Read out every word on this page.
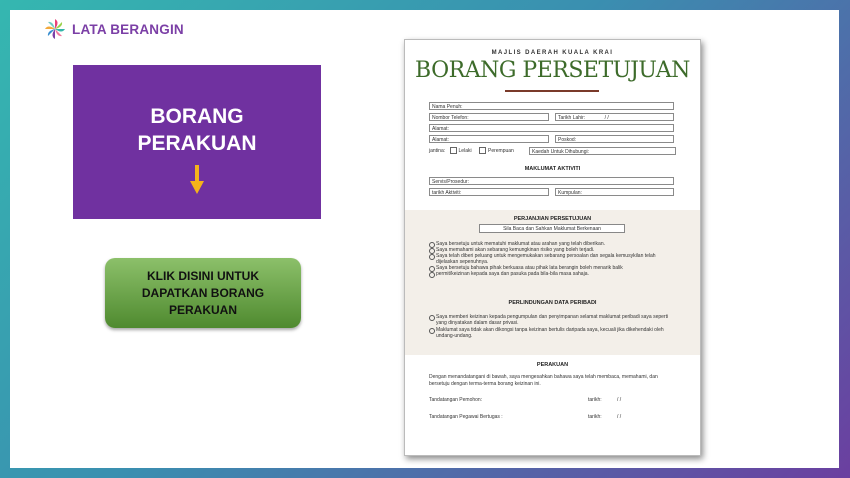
LATA BERANGIN
BORANG
PERAKUAN
KLIK DISINI UNTUK
DAPATKAN BORANG
PERAKUAN
MAJLIS DAERAH KUALA KRAI
BORANG PERSETUJUAN
Nama Penuh:
Nombor Telefon:	Tarikh Lahir:	/ /
Alamat:
Alamat:	Poskod:
jantina:	Lelaki	Perempuan	Kaedah Untuk Dihubungi:
MAKLUMAT AKTIVITI
Servis/Prosedur:
tarikh Aktiviti:	Kumpulan:
PERJANJIAN PERSETUJUAN
Sila Baca dan Sahkan Maklumat Berkenaan
Saya bersetuju untuk mematuhi maklumat atau arahan yang telah diberikan.
Saya memahami akan sebarang kemungkinan risiko yang boleh terjadi.
Saya telah diberi peluang untuk mengemukakan sebarang persoalan dan segala kemusykilan telah dijelaskan sepenuhnya.
Saya bersetuju bahawa pihak berkuasa atau pihak lata berangin boleh menarik balik
permit/keizinan kepada saya dan pasuka pada bila-bila masa sahaja.
PERLINDUNGAN DATA PERIBADI
Saya memberi keizinan kepada pengumpulan dan penyimpanan selamat maklumat peribadi saya seperti yang dinyatakan dalam dasar privasi.
Maklumat saya tidak akan dikongsi tanpa keizinan bertulis daripada saya, kecuali jika dikehendaki oleh undang-undang.
PERAKUAN
Dengan menandatangani di bawah, saya mengesahkan bahawa saya telah membaca, memahami, dan bersetuju dengan terma-terma borang keizinan ini.
Tandatangan Pemohon:	tarikh:	/ /
Tandatangan Pegawai Bertugas :	tarikh:	/ /
